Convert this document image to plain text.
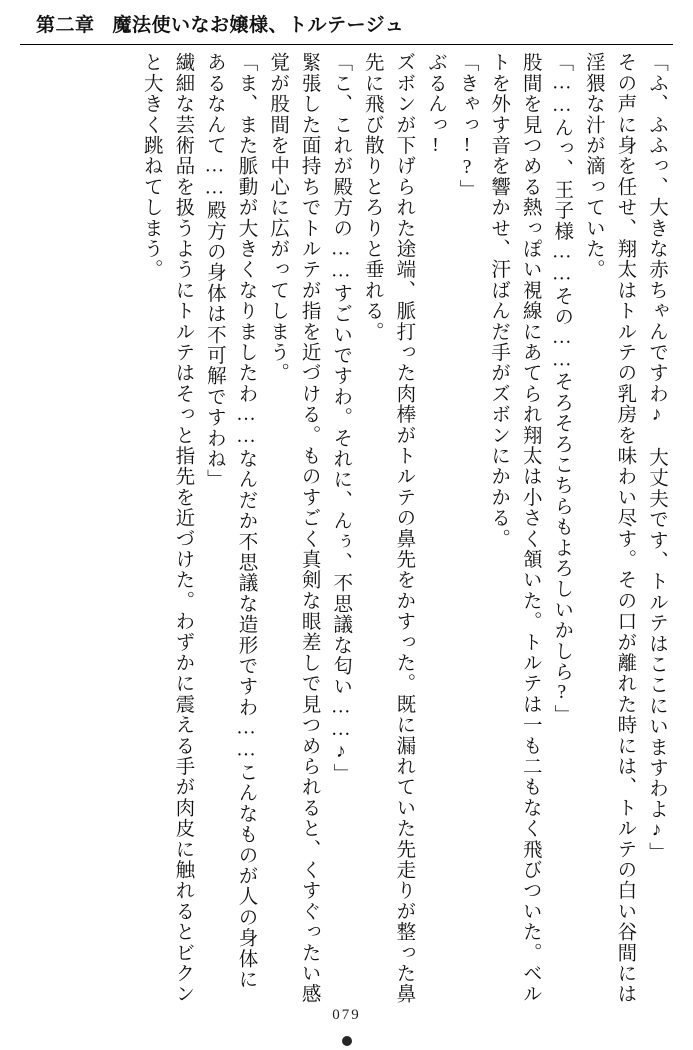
第二章 魔法使いなお嬢様、トルテージュ

「ふ、ふふっ、大きな赤ちゃんですわ♪　大丈夫です、トルテはここにいますわよ♪」

その声に身を任せ、翔太はトルテの乳房を味わい尽す。その口が離れた時には、トルテの白い谷間には淫猥な汁が滴っていた。

「……んっ、王子様……その……そろそろこちらもよろしいかしら?」

股間を見つめる熱っぽい視線にあてられ翔太は小さく頷いた。トルテは一も二もなく飛びついた。ベルトを外す音を響かせ、汗ばんだ手がズボンにかかる。

「きゃっ!?」

ぶるんっ!

ズボンが下げられた途端、脈打った肉棒がトルテの鼻先をかすった。既に漏れていた先走りが整った鼻先に飛び散りとろりと垂れる。

「こ、これが殿方の……すごいですわ。それに、んぅ、不思議な匂い……♪」

緊張した面持ちでトルテが指を近づける。ものすごく真剣な眼差しで見つめられると、くすぐったい感覚が股間を中心に広がってしまう。

「ま、また脈動が大きくなりましたわ……なんだか不思議な造形ですわ……こんなものが人の身体にあるなんて……殿方の身体は不可解ですわね」

繊細な芸術品を扱うようにトルテはそっと指先を近づけた。わずかに震える手が肉皮に触れるとビクンと大きく跳ねてしまう。

079
